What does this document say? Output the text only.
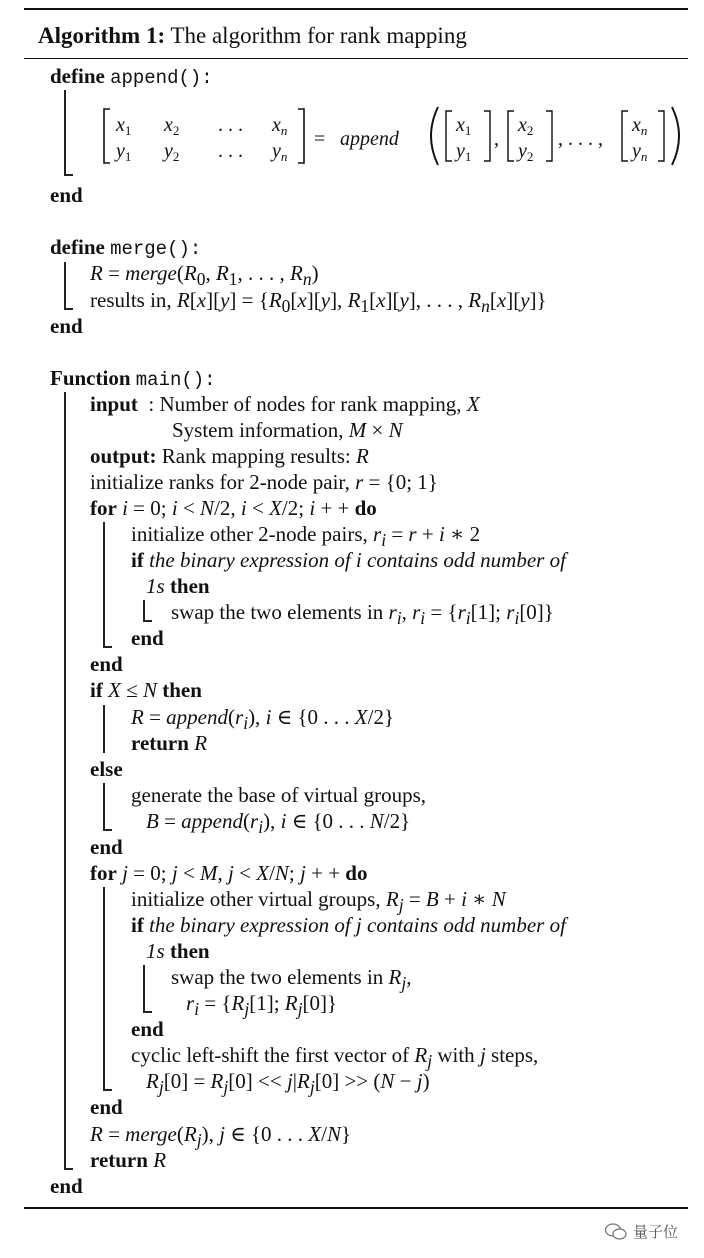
Algorithm 1: The algorithm for rank mapping
$x_1$ $x_2$ . . . $x_n$
$y_1$ $y_2$ . . . $y_n$
= append
$x_1$
$y_1$
,
$x_2$
$y_2$
, . . . ,
$x_n$
$y_n$
define append():
end
define merge():
$R = merge(R_0$, $R_1$, . . . , $R_n$)
results in, $R[x][y] = \{R_0[x][y]$, $R_1[x][y]$, . . . , $R_n[x][y]$}
end
Function main():
input  : Number of nodes for rank mapping, X
System information, M × N
output: Rank mapping results: R
initialize ranks for 2-node pair, r = {0; 1}
for i = 0; i < N/2, i < X/2; i + + do
initialize other 2-node pairs, $r_i = r + i$ ∗ 2
if the binary expression of i contains odd number of
1s then
swap the two elements in $r_i$, $r_i = \{r_i[1]$; $r_i[0]$}
end
end
if X ≤ N then
$R = append(r_i)$, i ∈ {0 . . . X/2}
return R
else
generate the base of virtual groups,
$B = append(r_i)$, i ∈ {0 . . . N/2}
end
for j = 0; j < M, j < X/N; j + + do
initialize other virtual groups, $R_j = B + i$ ∗ N
if the binary expression of j contains odd number of
1s then
swap the two elements in $R_j$,
$r_i = \{R_j[1]$; $R_j[0]$}
end
cyclic left-shift the first vector of $R_j$ with j steps,
$R_j[0] = R_j[0] << j|R_j[0] >> (N - j)$
end
$R = merge(R_j)$, j ∈ {0 . . . X/N}
return R
end
量子位
